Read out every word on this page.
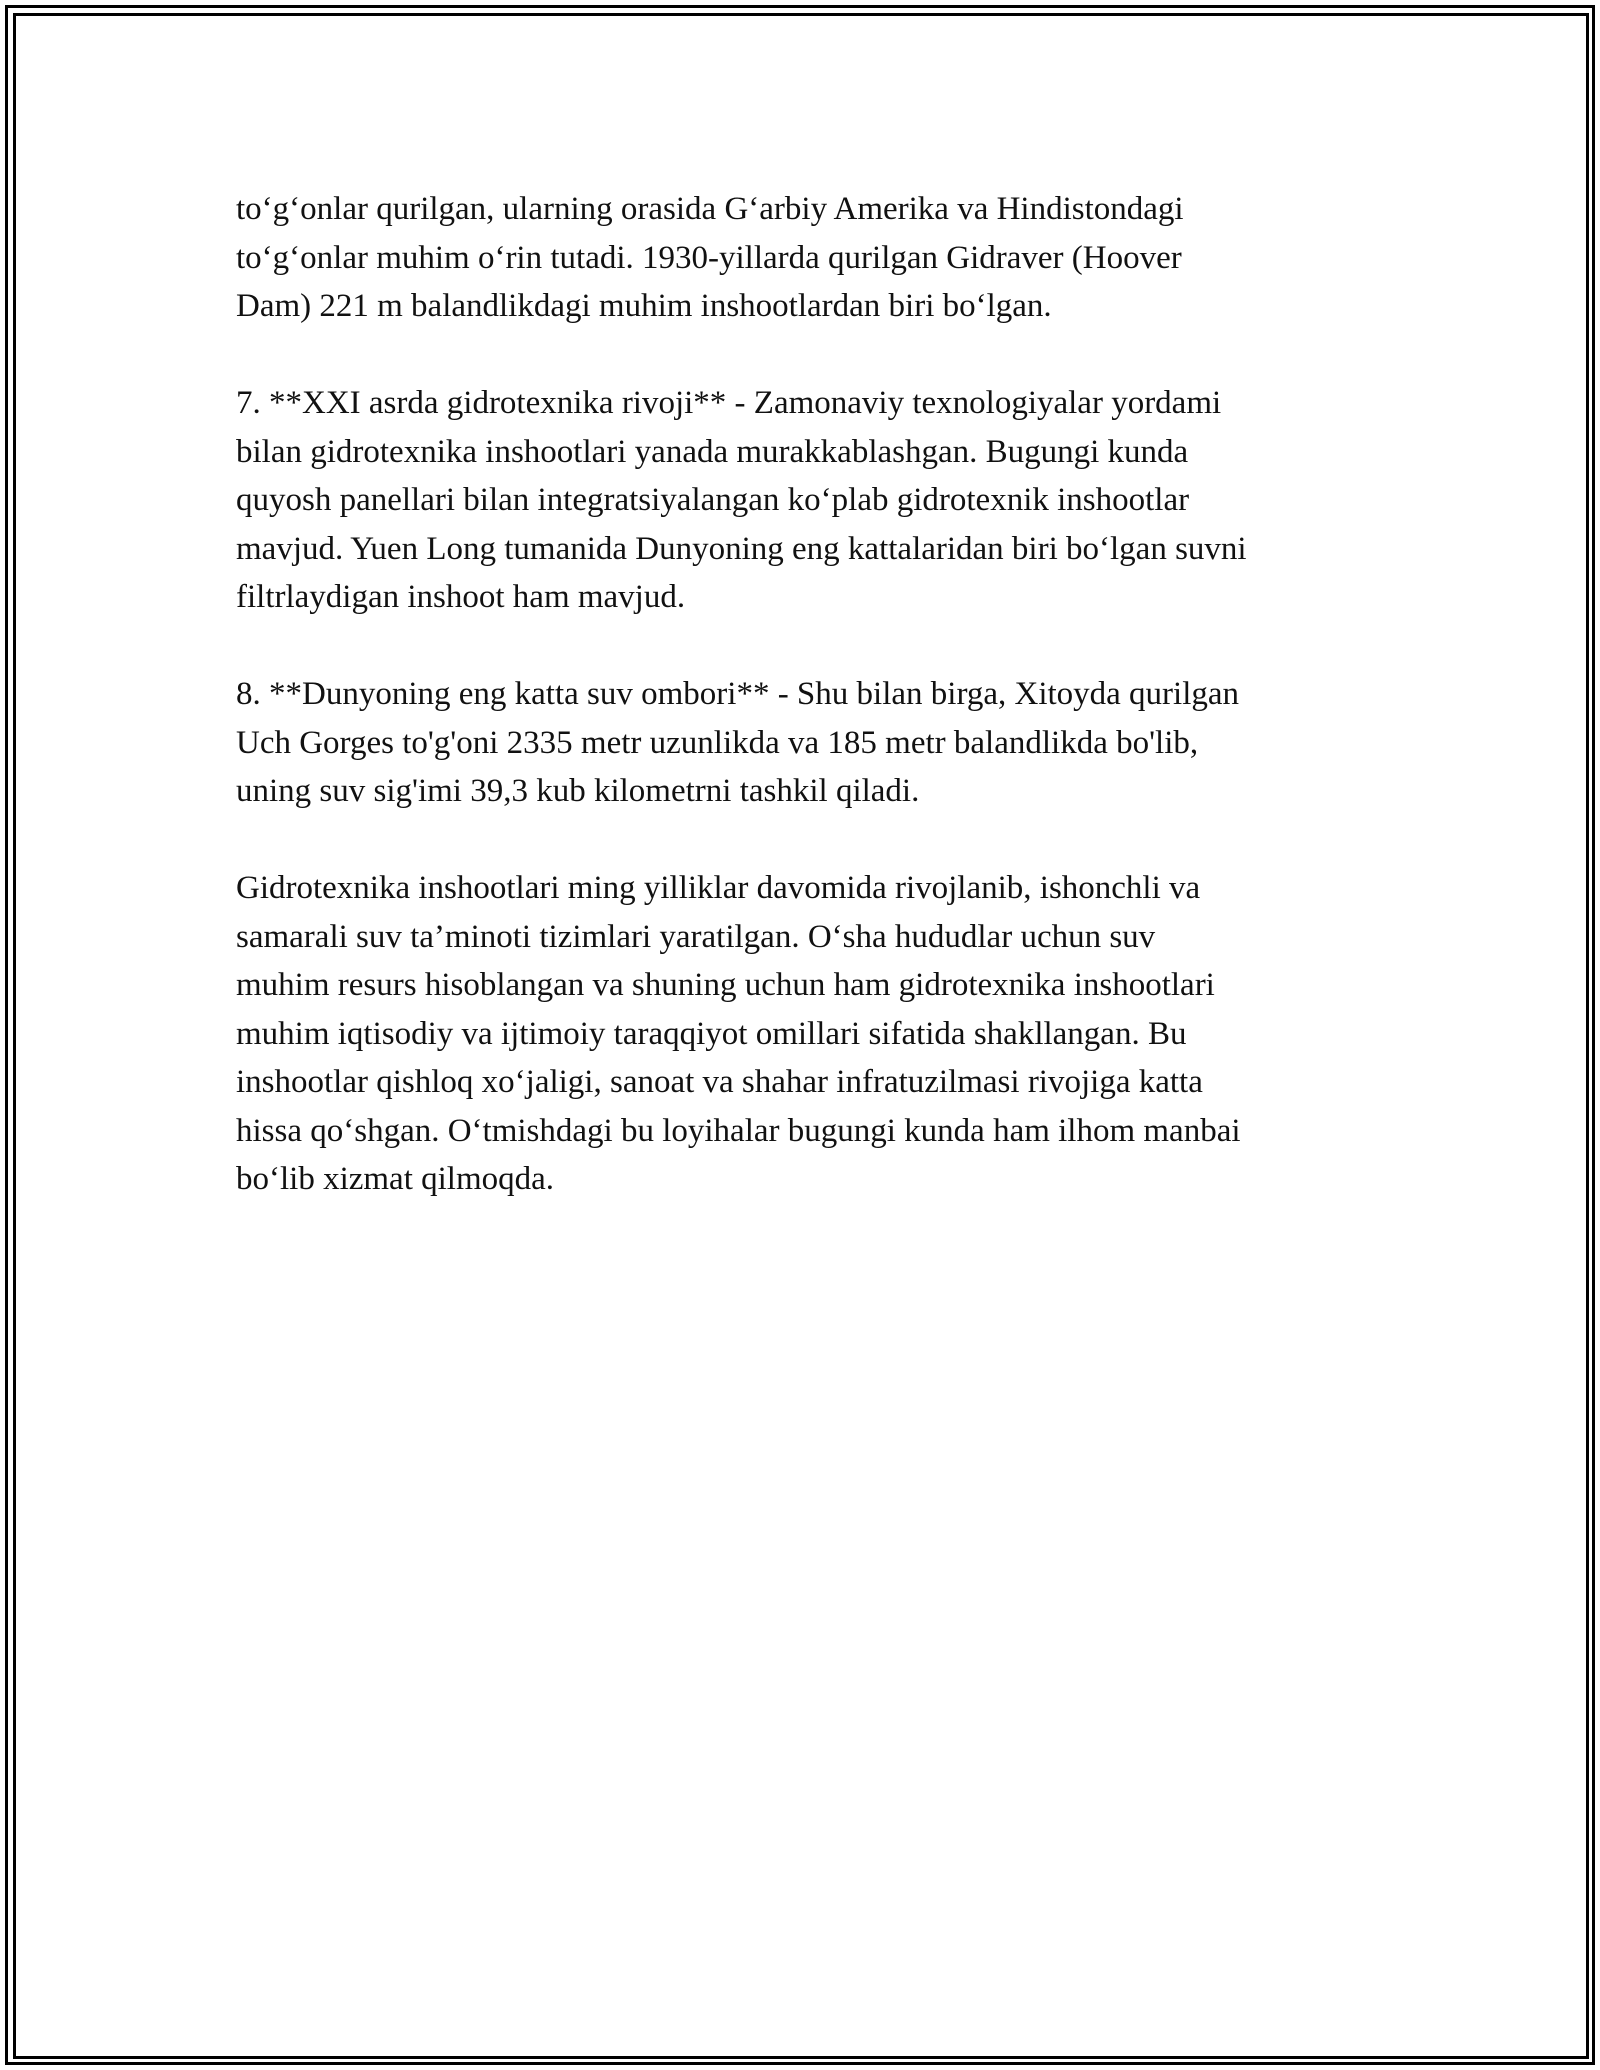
to‘g‘onlar qurilgan, ularning orasida G‘arbiy Amerika va Hindistondagi
to‘g‘onlar muhim o‘rin tutadi. 1930-yillarda qurilgan Gidraver (Hoover
Dam) 221 m balandlikdagi muhim inshootlardan biri bo‘lgan.
7. **XXI asrda gidrotexnika rivoji** - Zamonaviy texnologiyalar yordami
bilan gidrotexnika inshootlari yanada murakkablashgan. Bugungi kunda
quyosh panellari bilan integratsiyalangan ko‘plab gidrotexnik inshootlar
mavjud. Yuen Long tumanida Dunyoning eng kattalaridan biri bo‘lgan suvni
filtrlaydigan inshoot ham mavjud.
8. **Dunyoning eng katta suv ombori** - Shu bilan birga, Xitoyda qurilgan
Uch Gorges to'g'oni 2335 metr uzunlikda va 185 metr balandlikda bo'lib,
uning suv sig'imi 39,3 kub kilometrni tashkil qiladi.
Gidrotexnika inshootlari ming yilliklar davomida rivojlanib, ishonchli va
samarali suv ta’minoti tizimlari yaratilgan. O‘sha hududlar uchun suv
muhim resurs hisoblangan va shuning uchun ham gidrotexnika inshootlari
muhim iqtisodiy va ijtimoiy taraqqiyot omillari sifatida shakllangan. Bu
inshootlar qishloq xo‘jaligi, sanoat va shahar infratuzilmasi rivojiga katta
hissa qo‘shgan. O‘tmishdagi bu loyihalar bugungi kunda ham ilhom manbai
bo‘lib xizmat qilmoqda.
